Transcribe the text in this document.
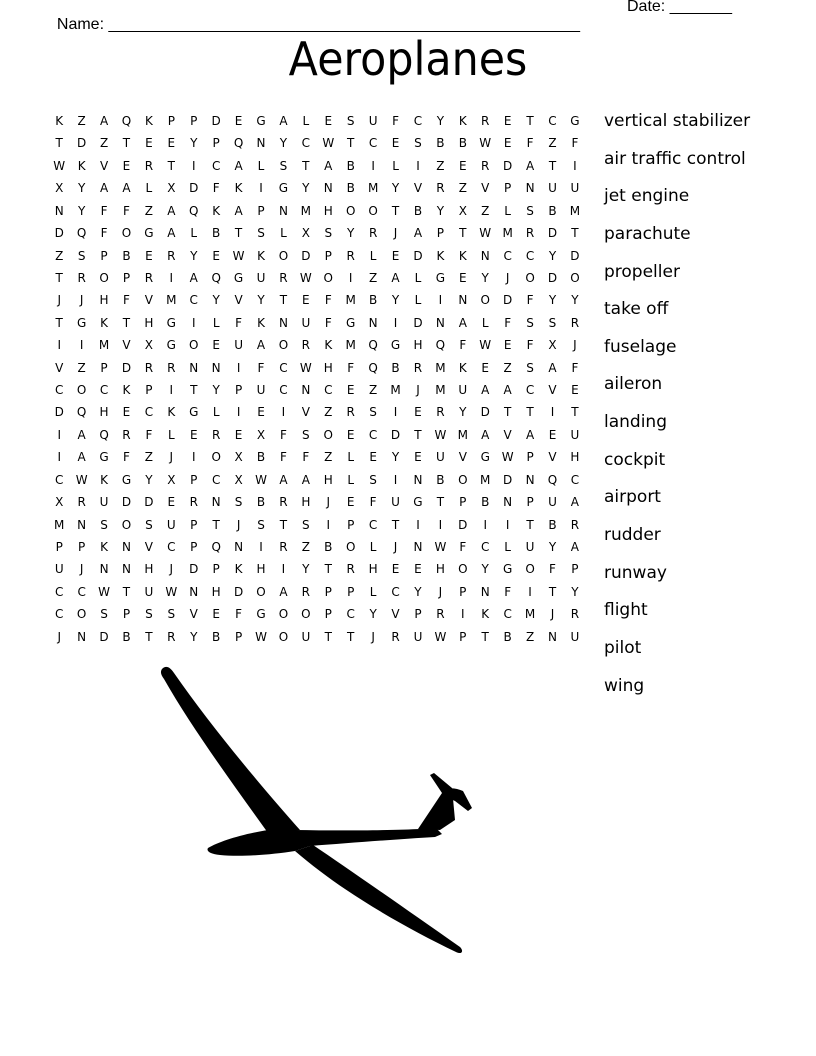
Name: _____________________________________________________

Date: _______

Aeroplanes
K	Z	A	Q	K	P	P	D	E	G	A	L	E	S	U	F	C	Y	K	R	E	T	C	G
T	D	Z	T	E	E	Y	P	Q	N	Y	C	W	T	C	E	S	B	B	W	E	F	Z	F
W	K	V	E	R	T	I	C	A	L	S	T	A	B	I	L	I	Z	E	R	D	A	T	I
X	Y	A	A	L	X	D	F	K	I	G	Y	N	B	M	Y	V	R	Z	V	P	N	U	U
N	Y	F	F	Z	A	Q	K	A	P	N	M	H	O	O	T	B	Y	X	Z	L	S	B	M
D	Q	F	O	G	A	L	B	T	S	L	X	S	Y	R	J	A	P	T	W M	R	D	T
Z	S	P	B	E	R	Y	E	W	K	O	D	P	R	L	E	D	K	K	N	C	C	Y	D
T	R	O	P	R	I	A	Q	G	U	R	W O	I	Z	A	L	G	E	Y	J	O	D	O
J	J	H	F	V	M	C	Y	V	Y	T	E	F	M	B	Y	L	I	N	O	D	F	Y	Y
T	G	K	T	H	G	I	L	F	K	N	U	F	G	N	I	D	N	A	L	F	S	S	R
I	I	M	V	X	G	O	E	U	A	O	R	K	M	Q	G	H	Q	F	W	E	F	X	J
V	Z	P	D	R	R	N	N	I	F	C	W H	F	Q	B	R	M	K	E	Z	S	A	F
C	O	C	K	P	I	T	Y	P	U	C	N	C	E	Z	M	J	M	U	A	A	C	V	E
D	Q	H	E	C	K	G	L	I	E	I	V	Z	R	S	I	E	R	Y	D	T	T	I	T
I	A	Q	R	F	L	E	R	E	X	F	S	O	E	C	D	T	W M	A	V	A	E	U
I	A	G	F	Z	J	I	O	X	B	F	F	Z	L	E	Y	E	U	V	G W	P	V	H
C	W	K	G	Y	X	P	C	X	W	A	A	H	L	S	I	N	B	O	M	D	N	Q	C
X	R	U	D	D	E	R	N	S	B	R	H	J	E	F	U	G	T	P	B	N	P	U	A
M	N	S	O	S	U	P	T	J	S	T	S	I	P	C	T	I	I	D	I	I	T	B	R
P	P	K	N	V	C	P	Q	N	I	R	Z	B	O	L	J	N W	F	C	L	U	Y	A
U	J	N	N	H	J	D	P	K	H	I	Y	T	R	H	E	E	H	O	Y	G	O	F	P
C	C	W	T	U	W	N	H	D	O	A	R	P	P	L	C	Y	J	P	N	F	I	T	Y
C	O	S	P	S	S	V	E	F	G	O	O	P	C	Y	V	P	R	I	K	C	M	J	R
J	N	D	B	T	R	Y	B	P	W O	U	T	T	J	R	U	W	P	T	B	Z	N	U
vertical stabilizer
air traffic control
jet engine
parachute
propeller
take off
fuselage
aileron
landing
cockpit
airport
rudder
runway
flight
pilot
wing
